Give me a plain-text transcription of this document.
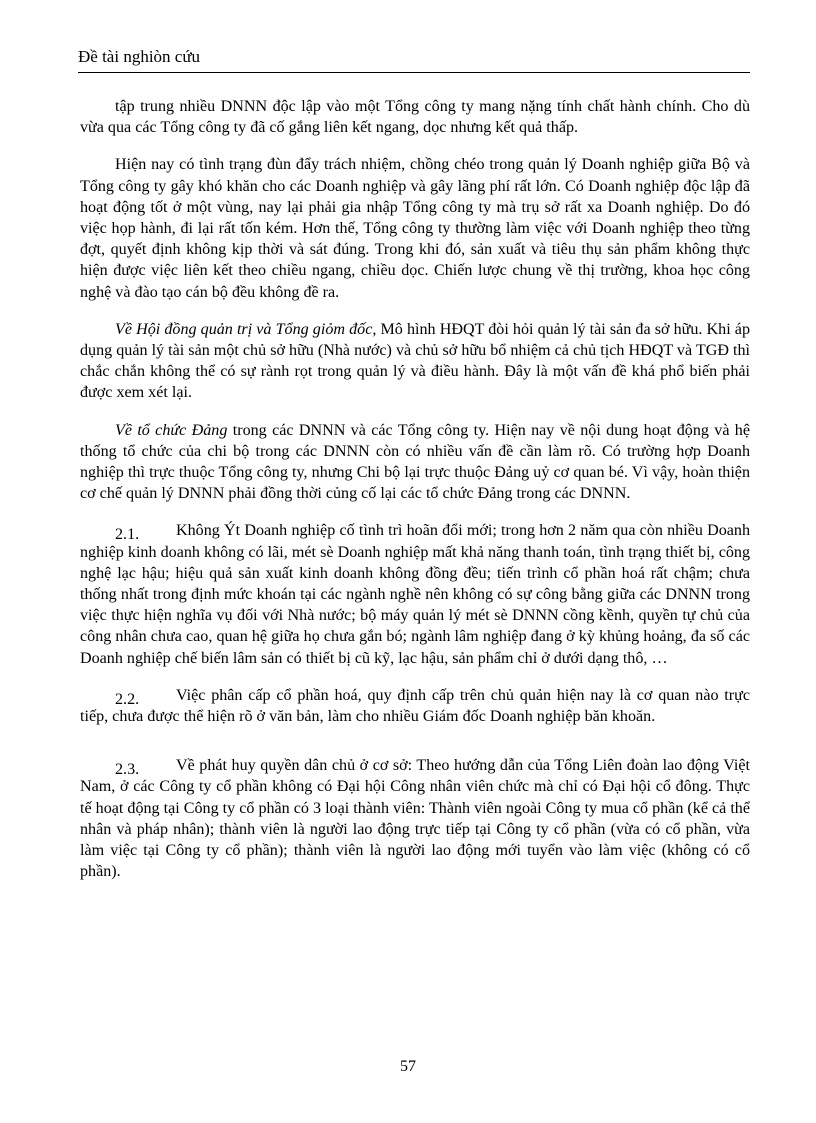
Đề tài nghiòn cứu

tập trung nhiều DNNN độc lập vào một Tổng công ty mang nặng tính chất hành chính. Cho dù vừa qua các Tổng công ty đã cố gắng liên kết ngang, dọc nhưng kết quả thấp.

Hiện nay có tình trạng đùn đẩy trách nhiệm, chồng chéo trong quản lý Doanh nghiệp giữa Bộ và Tổng công ty gây khó khăn cho các Doanh nghiệp và gây lãng phí rất lớn. Có Doanh nghiệp độc lập đã hoạt động tốt ở một vùng, nay lại phải gia nhập Tổng công ty mà trụ sở rất xa Doanh nghiệp. Do đó việc họp hành, đi lại rất tốn kém. Hơn thế, Tổng công ty thường làm việc với Doanh nghiệp theo từng đợt, quyết định không kịp thời và sát đúng. Trong khi đó, sản xuất và tiêu thụ sản phẩm không thực hiện được việc liên kết theo chiều ngang, chiều dọc. Chiến lược chung về thị trường, khoa học công nghệ và đào tạo cán bộ đều không đề ra.

Về Hội đồng quản trị và Tổng giỏm đốc, Mô hình HĐQT đòi hỏi quản lý tài sản đa sở hữu. Khi áp dụng quản lý tài sản một chủ sở hữu (Nhà nước) và chủ sở hữu bổ nhiệm cả chủ tịch HĐQT và TGĐ thì chắc chắn không thể có sự rành rọt trong quản lý và điều hành. Đây là một vấn đề khá phổ biến phải được xem xét lại.

Về tổ chức Đảng trong các DNNN và các Tổng công ty. Hiện nay về nội dung hoạt động và hệ thống tổ chức của chi bộ trong các DNNN còn có nhiều vấn đề cần làm rõ. Có trường hợp Doanh nghiệp thì trực thuộc Tổng công ty, nhưng Chi bộ lại trực thuộc Đảng uỷ cơ quan bé. Vì vậy, hoàn thiện cơ chế quản lý DNNN phải đồng thời củng cố lại các tổ chức Đảng trong các DNNN.

2.1. Không Ýt Doanh nghiệp cố tình trì hoãn đổi mới; trong hơn 2 năm qua còn nhiều Doanh nghiệp kinh doanh không có lãi, mét sè Doanh nghiệp mất khả năng thanh toán, tình trạng thiết bị, công nghệ lạc hậu; hiệu quả sản xuất kinh doanh không đồng đều; tiến trình cổ phần hoá rất chậm; chưa thống nhất trong định mức khoán tại các ngành nghề nên không có sự công bằng giữa các DNNN trong việc thực hiện nghĩa vụ đối với Nhà nước; bộ máy quản lý mét sè DNNN cồng kềnh, quyền tự chủ của công nhân chưa cao, quan hệ giữa họ chưa gắn bó; ngành lâm nghiệp đang ở kỳ khủng hoảng, đa số các Doanh nghiệp chế biến lâm sản có thiết bị cũ kỹ, lạc hậu, sản phẩm chỉ ở dưới dạng thô, …

2.2. Việc phân cấp cổ phần hoá, quy định cấp trên chủ quản hiện nay là cơ quan nào trực tiếp, chưa được thể hiện rõ ở văn bản, làm cho nhiều Giám đốc Doanh nghiệp băn khoăn.

2.3. Về phát huy quyền dân chủ ở cơ sở: Theo hướng dẫn của Tổng Liên đoàn lao động Việt Nam, ở các Công ty cổ phần không có Đại hội Công nhân viên chức mà chỉ có Đại hội cổ đông. Thực tế hoạt động tại Công ty cổ phần có 3 loại thành viên: Thành viên ngoài Công ty mua cổ phần (kể cả thể nhân và pháp nhân); thành viên là người lao động trực tiếp tại Công ty cổ phần (vừa có cổ phần, vừa làm việc tại Công ty cổ phần); thành viên là người lao động mới tuyển vào làm việc (không có cổ phần).

57
